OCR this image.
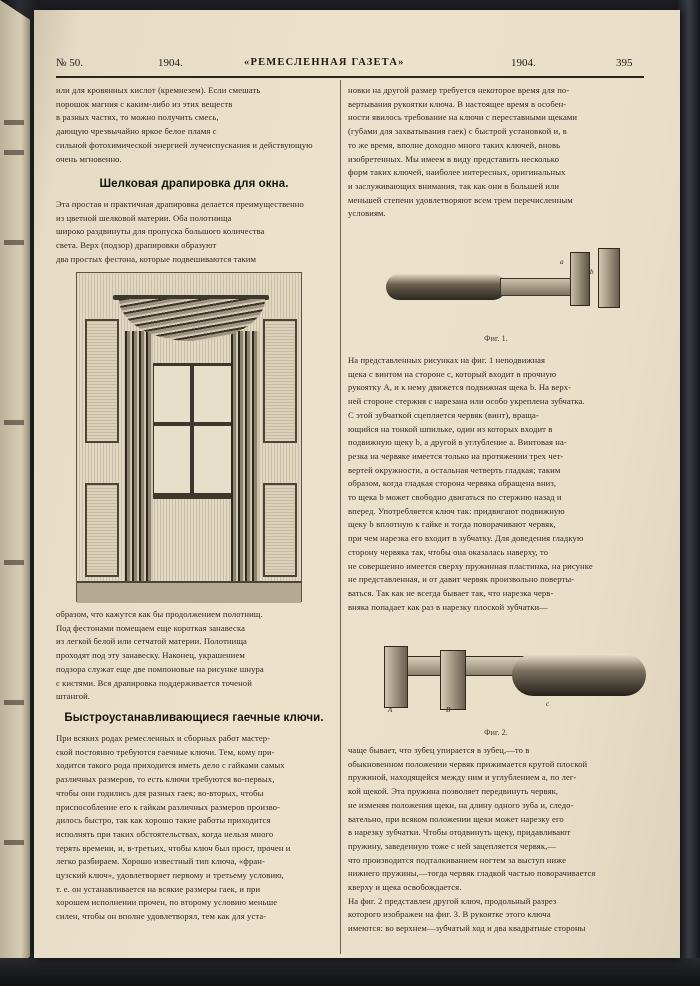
№ 50.	1904.	«РЕМЕСЛЕННАЯ ГАЗЕТА»	1904.	395

или для кровянных кислот (кремнезем). Если смешать

порошок магния с каким-либо из этих веществ

в разных частях, то можно получить смесь,

дающую чрезвычайно яркое белое пламя с

сильной фотохимической энергией лучеиспускания и действующую

очень мгновенно.

Шелковая драпировка для окна.

Эта простая и практичная драпировка делается преимущественно

из цветной шелковой материи. Оба полотнища

широко раздвинуты для пропуска большого количества

света. Верх (подзор) драпировки образуют

два простых фестона, которые подвешиваются таким

образом, что кажутся как бы продолжением полотнищ.

Под фестонами помещаем еще короткая занавеска

из легкой белой или сетчатой материи. Полотнища

проходят под эту занавеску. Наконец, украшением

подзора служат еще две помпоновые на рисунке шнура

с кистями. Вся драпировка поддерживается точеной

штангой.

Быстроустанавливающиеся гаечные ключи.

При всяких родах ремесленных и сборных работ мастер-

ской постоянно требуются гаечные ключи. Тем, кому при-

ходится такого рода приходится иметь дело с гайками самых

различных размеров, то есть ключи требуются во-первых,

чтобы они годились для разных гаек; во-вторых, чтобы

приспособление его к гайкам различных размеров произво-

дилось быстро, так как хорошо такие работы приходится

исполнять при таких обстоятельствах, когда нельзя много

терять времени, и, в-третьих, чтобы ключ был прост, прочен и

легко разбираем. Хорошо известный тип ключа, «фран-

цузский ключ», удовлетворяет первому и третьему условию,

т. е. он устанавливается на всякие размеры гаек, и при

хорошем исполнении прочен, по второму условию меньше

силен, чтобы он вполне удовлетворял, тем как для уста-

новки на другой размер требуется некоторое время для по-

вертывания рукоятки ключа. В настоящее время в особен-

ности явилось требование на ключи с переставными щеками

(губами для захватывания гаек) с быстрой установкой и, в

то же время, вполне доходно много таких ключей, вновь

изобретенных. Мы имеем в виду представить несколько

форм таких ключей, наиболее интересных, оригинальных

и заслуживающих внимания, так как они в большей или

меньшей степени удовлетворяют всем трем перечисленным

условиям.

a
b
Фиг. 1.

На представленных рисунках на фиг. 1 неподвижная

щека с винтом на стороне с, который входит в прочную

рукоятку А, и к нему движется подвижная щека b. На верх-

ней стороне стержня с нарезана или особо укреплена зубчатка.

С этой зубчаткой сцепляется червяк (винт), враща-

ющийся на тонкой шпильке, один из которых входит в

подвижную щеку b, а другой в углубление а. Винтовая на-

резка на червяке имеется только на протяжении трех чет-

вертей окружности, а остальная четверть гладкая; таким

образом, когда гладкая сторона червяка обращена вниз,

то щека b может свободно двигаться по стержню назад и

вперед. Употребляется ключ так: придвигают подвижную

щеку b вплотную к гайке и тогда поворачивают червяк,

при чем нарезка его входит в зубчатку. Для доведения гладкую

сторону червяка так, чтобы она оказалась наверху, то

не совершенно имеется сверху пружинная пластинка, на рисунке

не представленная, и от давит червяк произвольно поверты-

ваться. Так как не всегда бывает так, что нарезка черв-

вняка попадает как раз в нарезку плоской зубчатки—

A	B
c
Фиг. 2.

чаще бывает, что зубец упирается в зубец,—то в

обыкновенном положении червяк прижимается крутой плоской

пружиной, находящейся между ним и углублением а, по лег-

кой щекой. Эта пружина позволяет передвинуть червяк,

не изменяя положения щеки, на длину одного зуба и, следо-

вательно, при всяком положении щеки может нарезку его

в нарезку зубчатки. Чтобы отодвинуть щеку, придавливают

пружину, заведенную тоже с ней зацепляется червяк,—

что производится подталкиванием ногтем за выступ ниже

нижнего пружины,—тогда червяк гладкой частью поворачивается

кверху и щека освобождается.

На фиг. 2 представлен другой ключ, продольный разрез

которого изображен на фиг. 3. В рукоятке этого ключа

имеются: во верхнем—зубчатый ход и два квадратные стороны
